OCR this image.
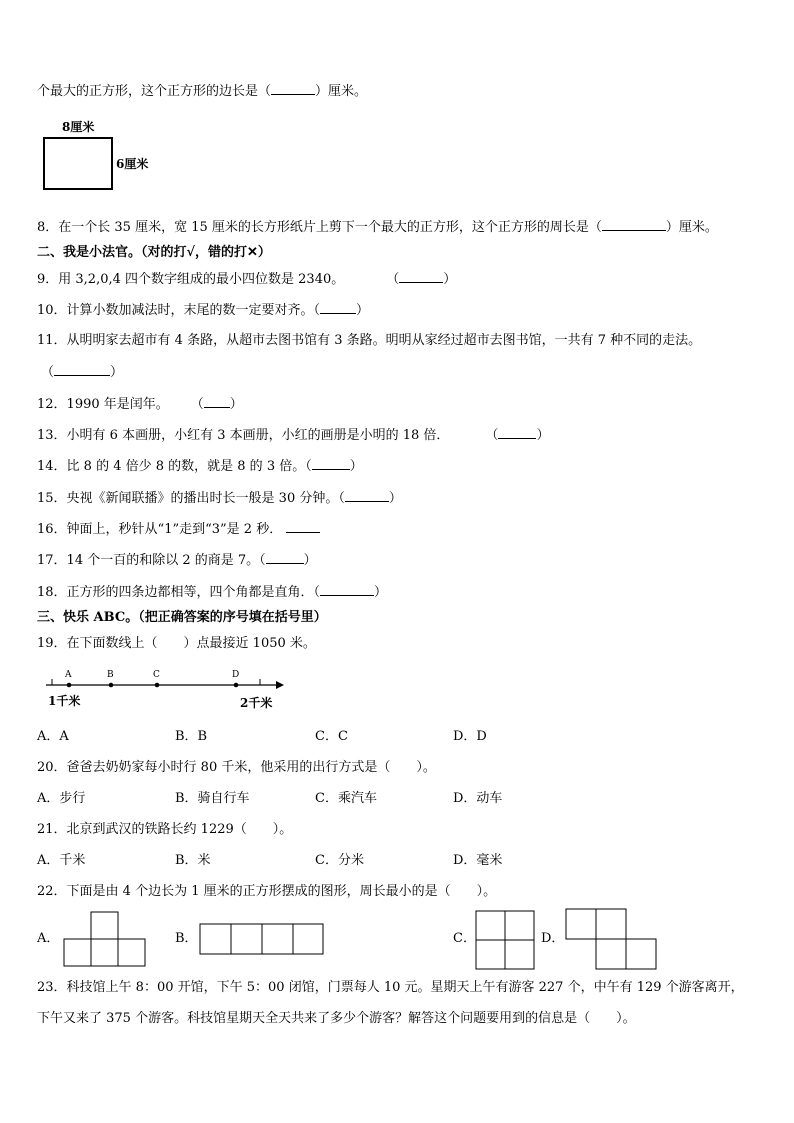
个最大的正方形，这个正方形的边长是（	）厘米。
8厘米
6厘米
8．在一个长 35 厘米，宽 15 厘米的长方形纸片上剪下一个最大的正方形，这个正方形的周长是（	）厘米。
二、我是小法官。（对的打√，错的打✕）
9．用 3,2,0,4 四个数字组成的最小四位数是 2340。	（	）
10．计算小数加减法时，末尾的数一定要对齐。（	）
11．从明明家去超市有 4 条路，从超市去图书馆有 3 条路。明明从家经过超市去图书馆，一共有 7 种不同的走法。
（	）
12．1990 年是闰年。 （ ）
13．小明有 6 本画册，小红有 3 本画册，小红的画册是小明的 18 倍．	（	）
14．比 8 的 4 倍少 8 的数，就是 8 的 3 倍。（	）
15．央视《新闻联播》的播出时长一般是 30 分钟。（	）
16．钟面上，秒针从“1”走到“3”是 2 秒．
17．14 个一百的和除以 2 的商是 7。（	）
18．正方形的四条边都相等，四个角都是直角．（	）
三、快乐 ABC。（把正确答案的序号填在括号里）
19．在下面数线上（　　）点最接近 1050 米。
A	B	C	D
1千米	2千米
A．A	B．B	C．C	D．D
20．爸爸去奶奶家每小时行 80 千米，他采用的出行方式是（　　）。
A．步行	B．骑自行车	C．乘汽车	D．动车
21．北京到武汉的铁路长约 1229（　　）。
A．千米	B．米	C．分米	D．毫米
22．下面是由 4 个边长为 1 厘米的正方形摆成的图形，周长最小的是（　　）。
A．	B．	C．	D．
23．科技馆上午 8：00 开馆，下午 5：00 闭馆，门票每人 10 元。星期天上午有游客 227 个，中午有 129 个游客离开，
下午又来了 375 个游客。科技馆星期天全天共来了多少个游客？解答这个问题要用到的信息是（　　）。
